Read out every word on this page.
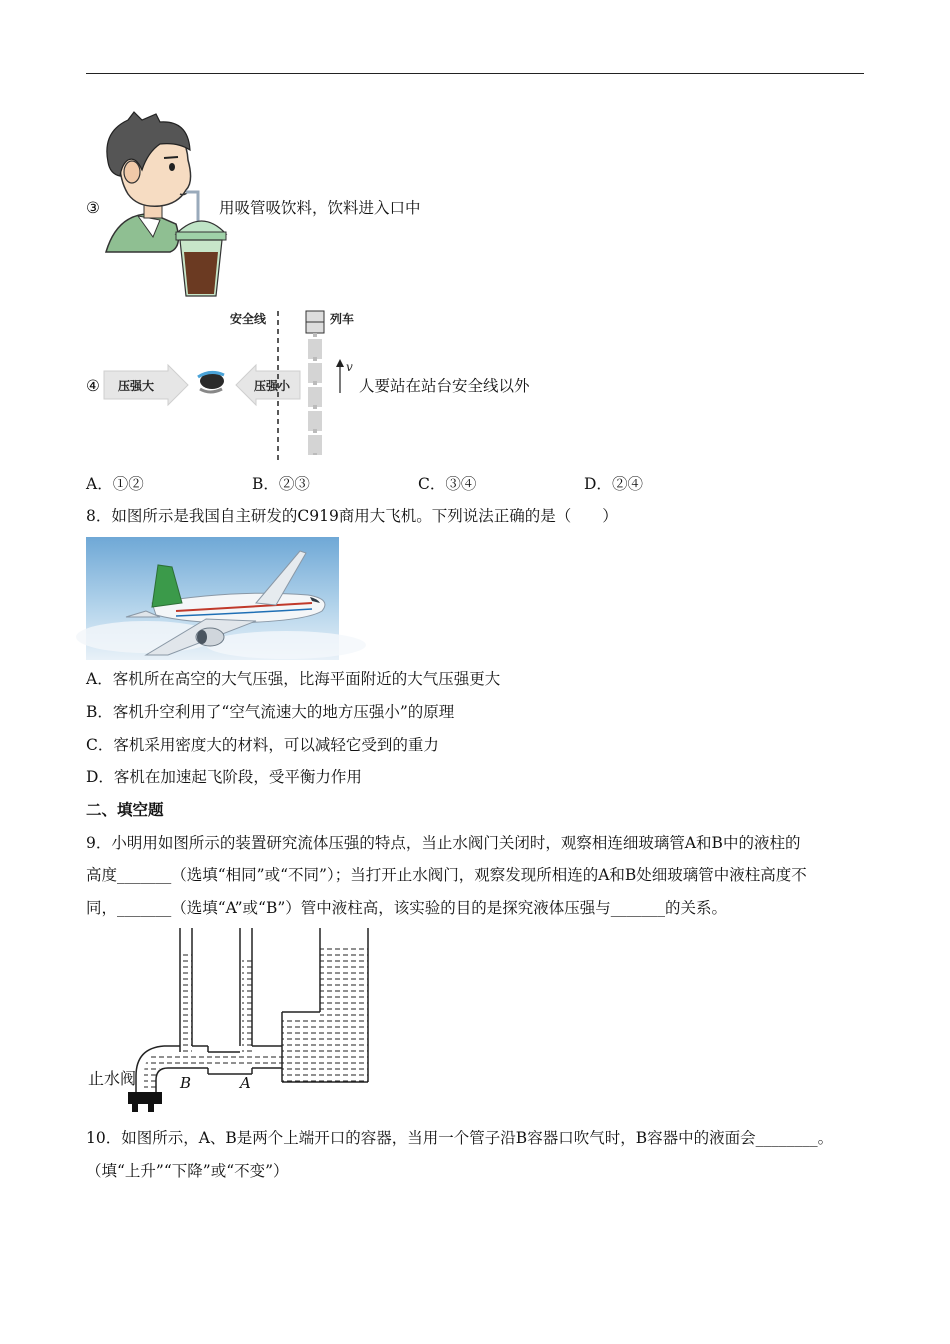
③	用吸管吸饮料，饮料进入口中
④ 压强大	压强小
安全线	列车
v
人要站在站台安全线以外
A．①②	B．②③	C．③④	D．②④
8．如图所示是我国自主研发的C919商用大飞机。下列说法正确的是（　　）
A．客机所在高空的大气压强，比海平面附近的大气压强更大
B．客机升空利用了“空气流速大的地方压强小”的原理
C．客机采用密度大的材料，可以减轻它受到的重力
D．客机在加速起飞阶段，受平衡力作用
二、填空题
9．小明用如图所示的装置研究流体压强的特点，当止水阀门关闭时，观察相连细玻璃管A和B中的液柱的
高度_______（选填“相同”或“不同”）；当打开止水阀门，观察发现所相连的A和B处细玻璃管中液柱高度不
同，_______（选填“A”或“B”）管中液柱高，该实验的目的是探究液体压强与_______的关系。
止水阀	B	A
10．如图所示，A、B是两个上端开口的容器，当用一个管子沿B容器口吹气时，B容器中的液面会________。
（填“上升”“下降”或“不变”）
